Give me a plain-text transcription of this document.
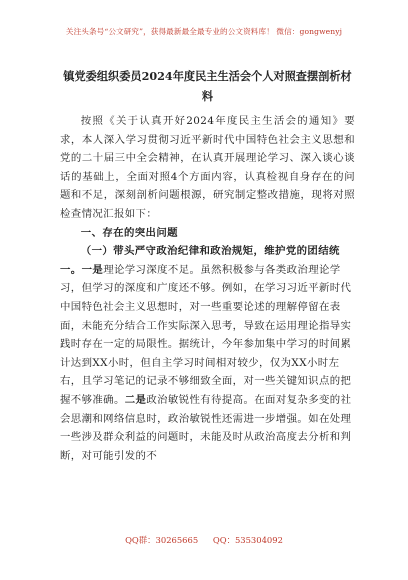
关注头条号“公文研究”，获得最新最全最专业的公文资料库！ 微信：gongwenyj

镇党委组织委员2024年度民主生活会个人对照查摆剖析材

料

按照《关于认真开好2024年度民主生活会的通知》要求，本人深入学习贯彻习近平新时代中国特色社会主义思想和党的二十届三中全会精神，在认真开展理论学习、深入谈心谈话的基础上，全面对照4个方面内容，认真检视自身存在的问题和不足，深刻剖析问题根源，研究制定整改措施，现将对照检查情况汇报如下：

一、存在的突出问题

（一）带头严守政治纪律和政治规矩，维护党的团结统一。一是理论学习深度不足。虽然积极参与各类政治理论学习，但学习的深度和广度还不够。例如，在学习习近平新时代中国特色社会主义思想时，对一些重要论述的理解停留在表面，未能充分结合工作实际深入思考，导致在运用理论指导实践时存在一定的局限性。据统计，今年参加集中学习的时间累计达到XX小时，但自主学习时间相对较少，仅为XX小时左右，且学习笔记的记录不够细致全面，对一些关键知识点的把握不够准确。二是政治敏锐性有待提高。在面对复杂多变的社会思潮和网络信息时，政治敏锐性还需进一步增强。如在处理一些涉及群众利益的问题时，未能及时从政治高度去分析和判断，对可能引发的不

QQ群：30265665 QQ：535304092
